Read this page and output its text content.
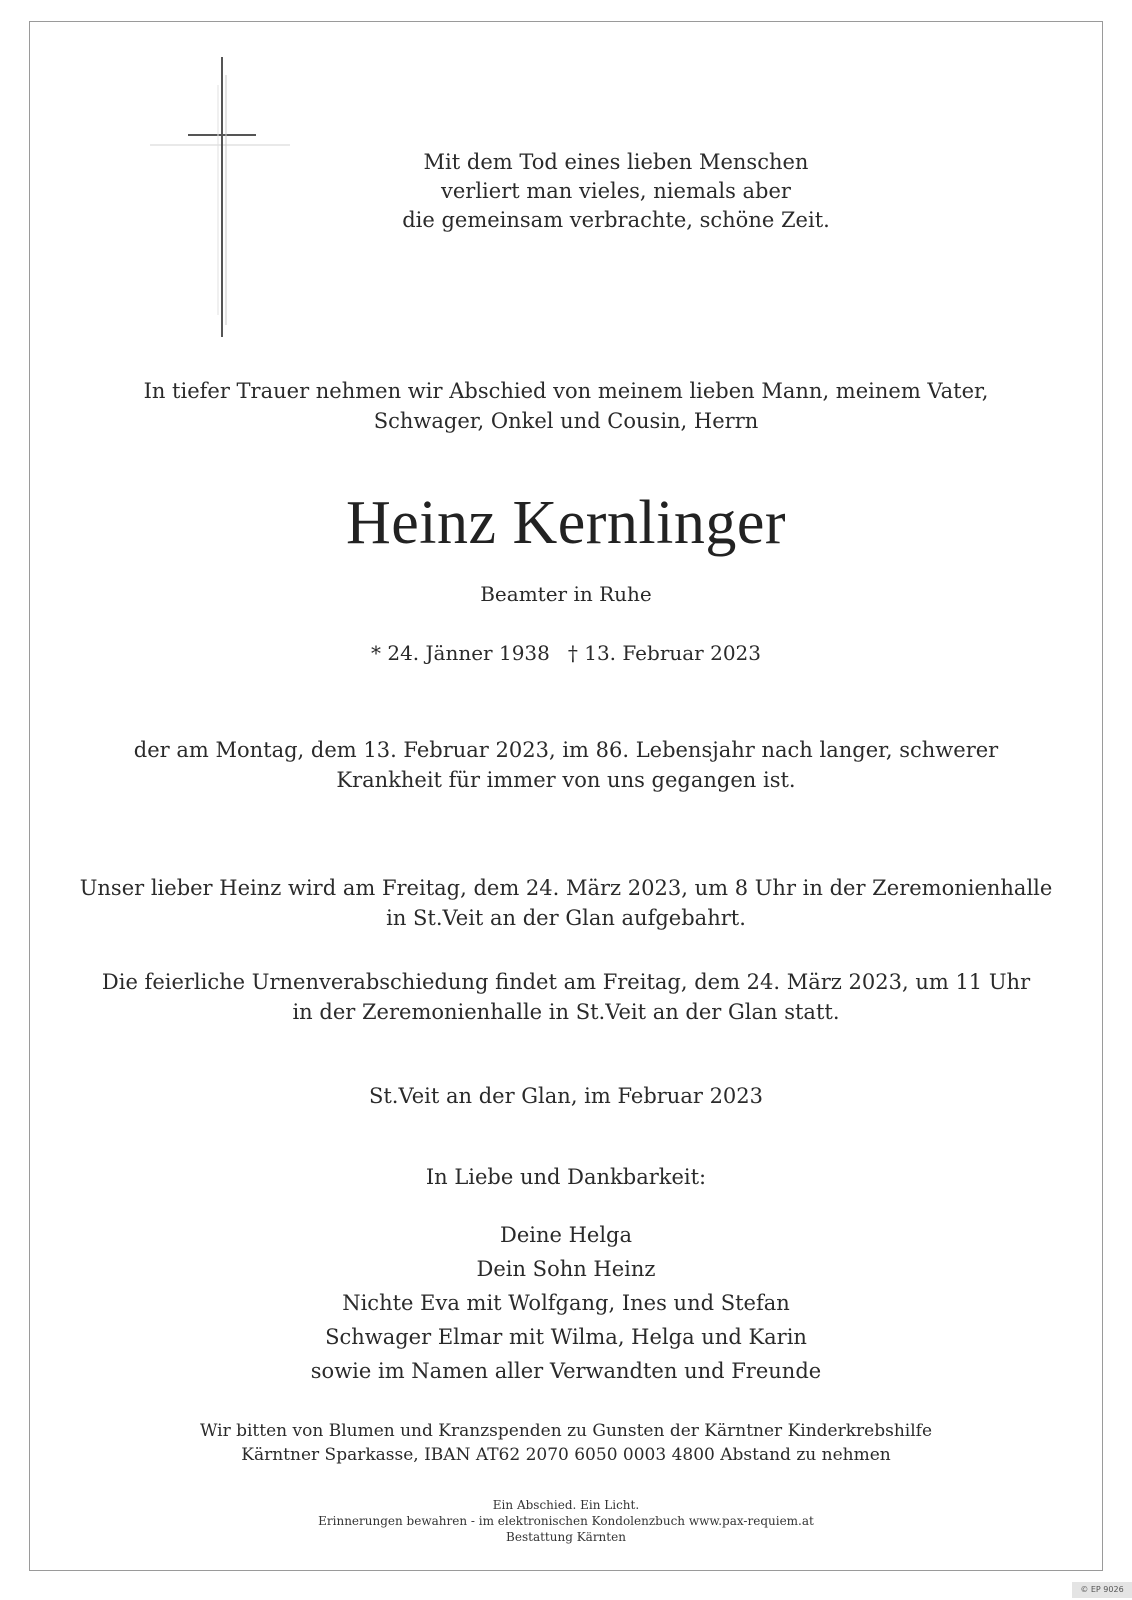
Mit dem Tod eines lieben Menschen
verliert man vieles, niemals aber
die gemeinsam verbrachte, schöne Zeit.
In tiefer Trauer nehmen wir Abschied von meinem lieben Mann, meinem Vater,
Schwager, Onkel und Cousin, Herrn
Heinz Kernlinger
Beamter in Ruhe
* 24. Jänner 1938 † 13. Februar 2023
der am Montag, dem 13. Februar 2023, im 86. Lebensjahr nach langer, schwerer
Krankheit für immer von uns gegangen ist.
Unser lieber Heinz wird am Freitag, dem 24. März 2023, um 8 Uhr in der Zeremonienhalle
in St.Veit an der Glan aufgebahrt.
Die feierliche Urnenverabschiedung findet am Freitag, dem 24. März 2023, um 11 Uhr
in der Zeremonienhalle in St.Veit an der Glan statt.
St.Veit an der Glan, im Februar 2023
In Liebe und Dankbarkeit:
Deine Helga
Dein Sohn Heinz
Nichte Eva mit Wolfgang, Ines und Stefan
Schwager Elmar mit Wilma, Helga und Karin
sowie im Namen aller Verwandten und Freunde
Wir bitten von Blumen und Kranzspenden zu Gunsten der Kärntner Kinderkrebshilfe
Kärntner Sparkasse, IBAN AT62 2070 6050 0003 4800 Abstand zu nehmen
Ein Abschied. Ein Licht.
Erinnerungen bewahren - im elektronischen Kondolenzbuch www.pax-requiem.at
Bestattung Kärnten
© EP 9026
